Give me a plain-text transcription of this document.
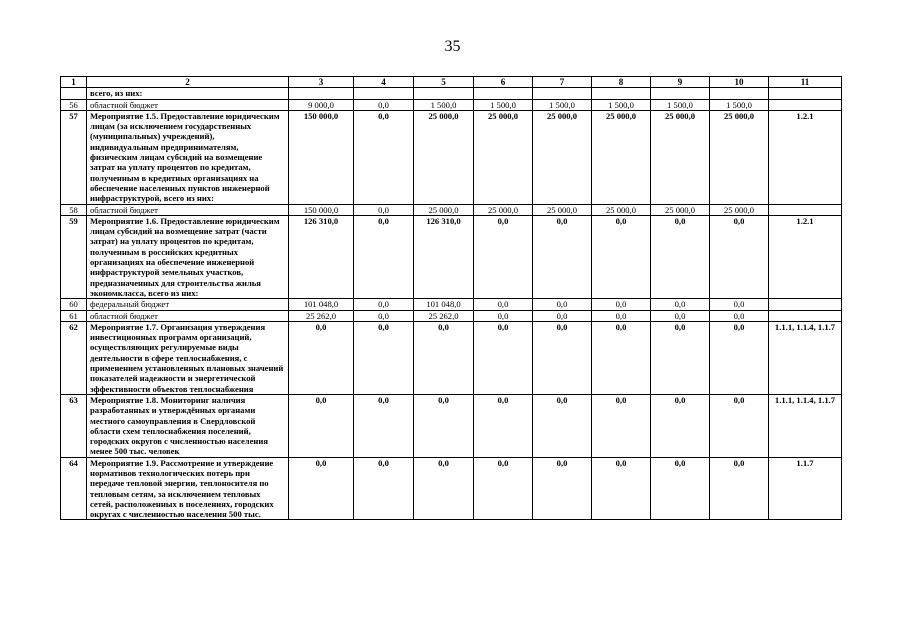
35
1	2	3	4	5	6	7	8	9	10	11
	всего, из них:									
56	областной бюджет	9 000,0	0,0	1 500,0	1 500,0	1 500,0	1 500,0	1 500,0	1 500,0	
57	Мероприятие 1.5. Предоставление юридическим лицам (за исключением государственных (муниципальных) учреждений), индивидуальным предпринимателям, физическим лицам субсидий на возмещение затрат на уплату процентов по кредитам, полученным в кредитных организациях на обеспечение населенных пунктов инженерной инфраструктурой, всего из них:	150 000,0	0,0	25 000,0	25 000,0	25 000,0	25 000,0	25 000,0	25 000,0	1.2.1
58	областной бюджет	150 000,0	0,0	25 000,0	25 000,0	25 000,0	25 000,0	25 000,0	25 000,0	
59	Мероприятие 1.6. Предоставление юридическим лицам субсидий на возмещение затрат (части затрат) на уплату процентов по кредитам, полученным в российских кредитных организациях на обеспечение инженерной инфраструктурой земельных участков, предназначенных для строительства жилья экономкласса, всего из них:	126 310,0	0,0	126 310,0	0,0	0,0	0,0	0,0	0,0	1.2.1
60	федеральный бюджет	101 048,0	0,0	101 048,0	0,0	0,0	0,0	0,0	0,0	
61	областной бюджет	25 262,0	0,0	25 262,0	0,0	0,0	0,0	0,0	0,0	
62	Мероприятие 1.7. Организация утверждения инвестиционных программ организаций, осуществляющих регулируемые виды деятельности в сфере теплоснабжения, с применением установленных плановых значений показателей надежности и энергетической эффективности объектов теплоснабжения	0,0	0,0	0,0	0,0	0,0	0,0	0,0	0,0	1.1.1, 1.1.4, 1.1.7
63	Мероприятие 1.8. Мониторинг наличия разработанных и утверждённых органами местного самоуправления в Свердловской области схем теплоснабжения поселений, городских округов с численностью населения менее 500 тыс. человек	0,0	0,0	0,0	0,0	0,0	0,0	0,0	0,0	1.1.1, 1.1.4, 1.1.7
64	Мероприятие 1.9. Рассмотрение и утверждение нормативов технологических потерь при передаче тепловой энергии, теплоносителя по тепловым сетям, за исключением тепловых сетей, расположенных в поселениях, городских округах с численностью населения 500 тыс.	0,0	0,0	0,0	0,0	0,0	0,0	0,0	0,0	1.1.7
